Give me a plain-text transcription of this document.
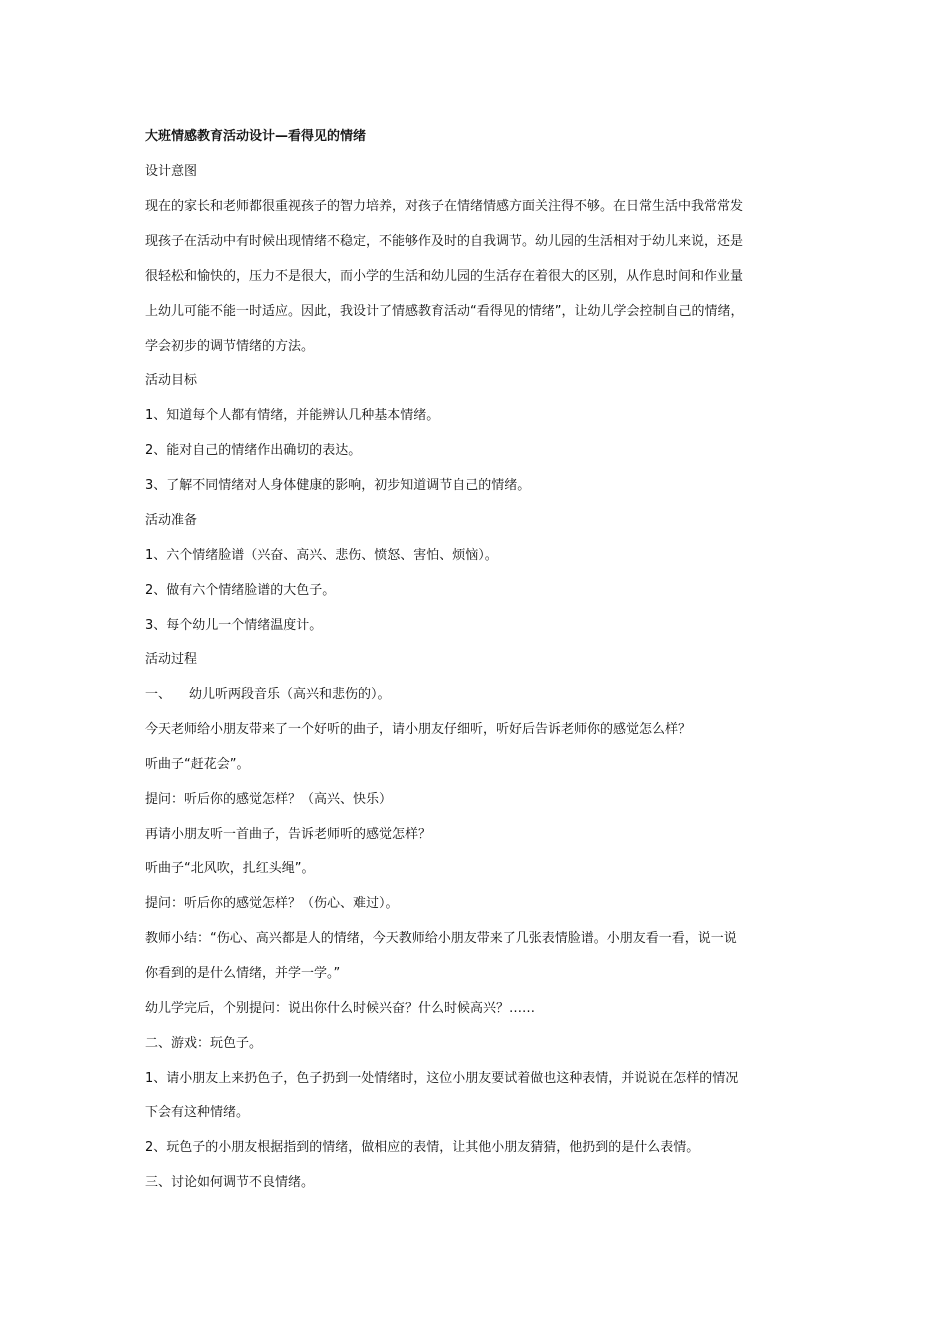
大班情感教育活动设计—看得见的情绪
设计意图
现在的家长和老师都很重视孩子的智力培养，对孩子在情绪情感方面关注得不够。在日常生活中我常常发
现孩子在活动中有时候出现情绪不稳定，不能够作及时的自我调节。幼儿园的生活相对于幼儿来说，还是
很轻松和愉快的，压力不是很大，而小学的生活和幼儿园的生活存在着很大的区别，从作息时间和作业量
上幼儿可能不能一时适应。因此，我设计了情感教育活动“看得见的情绪”，让幼儿学会控制自己的情绪，
学会初步的调节情绪的方法。
活动目标
1、知道每个人都有情绪，并能辨认几种基本情绪。
2、能对自己的情绪作出确切的表达。
3、了解不同情绪对人身体健康的影响，初步知道调节自己的情绪。
活动准备
1、六个情绪脸谱（兴奋、高兴、悲伤、愤怒、害怕、烦恼）。
2、做有六个情绪脸谱的大色子。
3、每个幼儿一个情绪温度计。
活动过程
一、 幼儿听两段音乐（高兴和悲伤的）。
今天老师给小朋友带来了一个好听的曲子，请小朋友仔细听，听好后告诉老师你的感觉怎么样？
听曲子“赶花会”。
提问：听后你的感觉怎样？（高兴、快乐）
再请小朋友听一首曲子，告诉老师听的感觉怎样？
听曲子“北风吹，扎红头绳”。
提问：听后你的感觉怎样？（伤心、难过）。
教师小结：“伤心、高兴都是人的情绪，今天教师给小朋友带来了几张表情脸谱。小朋友看一看，说一说
你看到的是什么情绪，并学一学。”
幼儿学完后，个别提问：说出你什么时候兴奋？什么时候高兴？……
二、游戏：玩色子。
1、请小朋友上来扔色子，色子扔到一处情绪时，这位小朋友要试着做也这种表情，并说说在怎样的情况
下会有这种情绪。
2、玩色子的小朋友根据指到的情绪，做相应的表情，让其他小朋友猜猜，他扔到的是什么表情。
三、讨论如何调节不良情绪。
